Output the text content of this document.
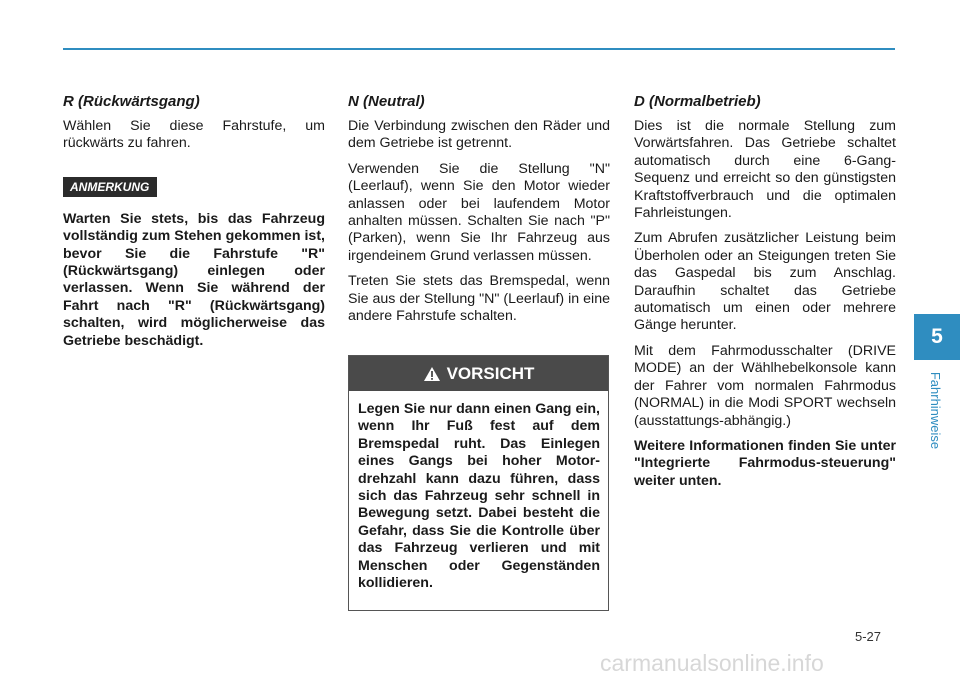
R (Rückwärtsgang)

Wählen Sie diese Fahrstufe, um rückwärts zu fahren.

ANMERKUNG

Warten Sie stets, bis das Fahrzeug vollständig zum Stehen gekommen ist, bevor Sie die Fahrstufe "R" (Rückwärtsgang) einlegen oder verlassen. Wenn Sie während der Fahrt nach "R" (Rückwärtsgang) schalten, wird möglicherweise das Getriebe beschädigt.

N (Neutral)

Die Verbindung zwischen den Räder und dem Getriebe ist getrennt.

Verwenden Sie die Stellung "N" (Leerlauf), wenn Sie den Motor wieder anlassen oder bei laufendem Motor anhalten müssen. Schalten Sie nach "P" (Parken), wenn Sie Ihr Fahrzeug aus irgendeinem Grund verlassen müssen.

Treten Sie stets das Bremspedal, wenn Sie aus der Stellung "N" (Leerlauf) in eine andere Fahrstufe schalten.

VORSICHT

Legen Sie nur dann einen Gang ein, wenn Ihr Fuß fest auf dem Bremspedal ruht. Das Einlegen eines Gangs bei hoher Motor-drehzahl kann dazu führen, dass sich das Fahrzeug sehr schnell in Bewegung setzt. Dabei besteht die Gefahr, dass Sie die Kontrolle über das Fahrzeug verlieren und mit Menschen oder Gegenständen kollidieren.

D (Normalbetrieb)

Dies ist die normale Stellung zum Vorwärtsfahren. Das Getriebe schaltet automatisch durch eine 6-Gang- Sequenz und erreicht so den günstigsten Kraftstoffverbrauch und die optimalen Fahrleistungen.

Zum Abrufen zusätzlicher Leistung beim Überholen oder an Steigungen treten Sie das Gaspedal bis zum Anschlag. Daraufhin schaltet das Getriebe automatisch um einen oder mehrere Gänge herunter.

Mit dem Fahrmodusschalter (DRIVE MODE) an der Wählhebelkonsole kann der Fahrer vom normalen Fahrmodus (NORMAL) in die Modi SPORT wechseln (ausstattungs-abhängig.)

Weitere Informationen finden Sie unter "Integrierte Fahrmodus-steuerung" weiter unten.

5
Fahrhinweise
5-27
carmanualsonline.info
